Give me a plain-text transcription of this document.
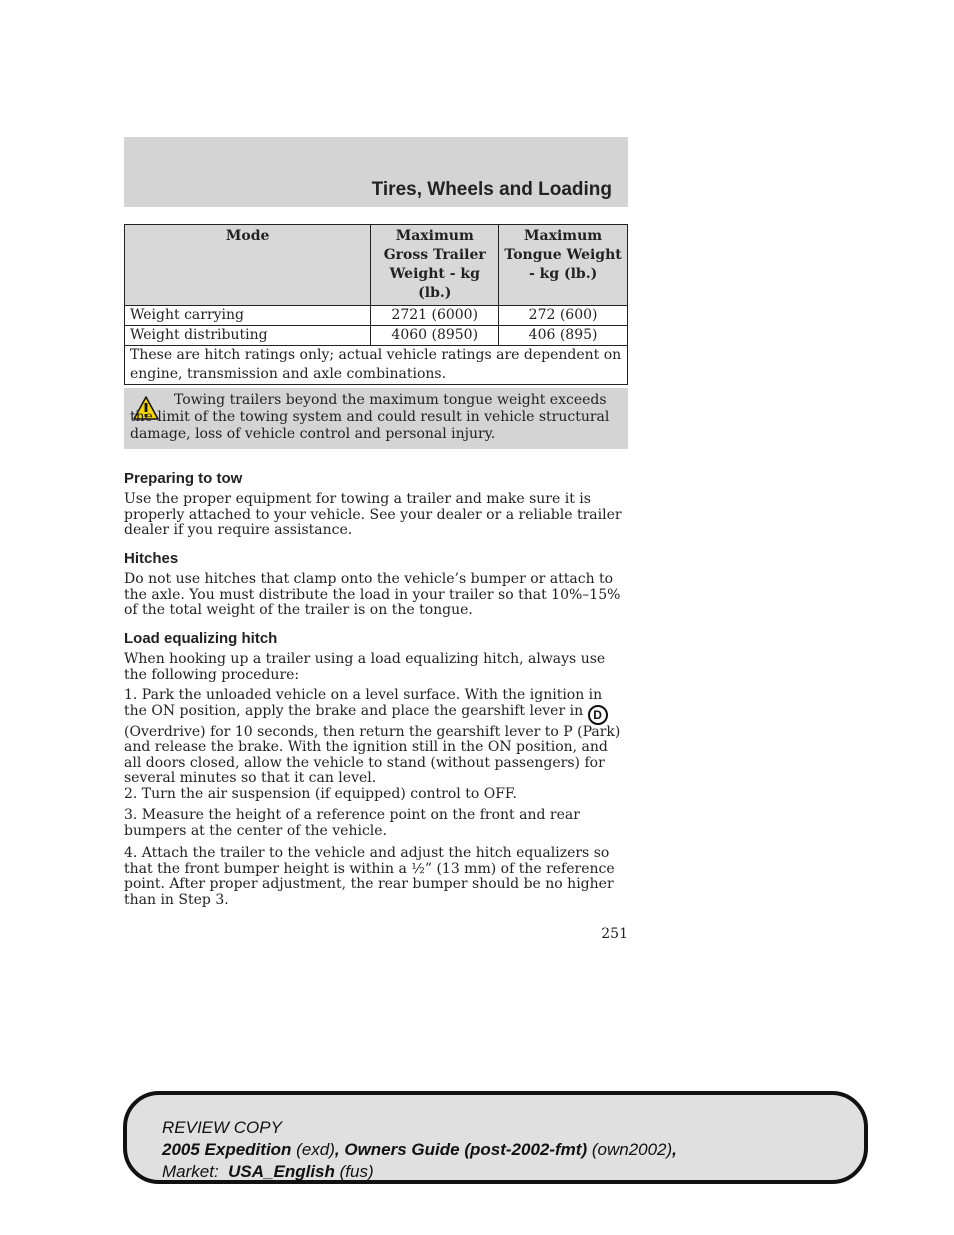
Tires, Wheels and Loading
Mode	Maximum Gross Trailer Weight - kg (lb.)	Maximum Tongue Weight - kg (lb.)
Weight carrying	2721 (6000)	272 (600)
Weight distributing	4060 (8950)	406 (895)
These are hitch ratings only; actual vehicle ratings are dependent on engine, transmission and axle combinations.		
Towing trailers beyond the maximum tongue weight exceeds the limit of the towing system and could result in vehicle structural damage, loss of vehicle control and personal injury.
Preparing to tow

Use the proper equipment for towing a trailer and make sure it is properly attached to your vehicle. See your dealer or a reliable trailer dealer if you require assistance.

Hitches

Do not use hitches that clamp onto the vehicle’s bumper or attach to the axle. You must distribute the load in your trailer so that 10%–15% of the total weight of the trailer is on the tongue.

Load equalizing hitch

When hooking up a trailer using a load equalizing hitch, always use the following procedure:

1. Park the unloaded vehicle on a level surface. With the ignition in the ON position, apply the brake and place the gearshift lever in D (Overdrive) for 10 seconds, then return the gearshift lever to P (Park) and release the brake. With the ignition still in the ON position, and all doors closed, allow the vehicle to stand (without passengers) for several minutes so that it can level.

2. Turn the air suspension (if equipped) control to OFF.

3. Measure the height of a reference point on the front and rear bumpers at the center of the vehicle.

4. Attach the trailer to the vehicle and adjust the hitch equalizers so that the front bumper height is within a ½” (13 mm) of the reference point. After proper adjustment, the rear bumper should be no higher than in Step 3.

251
REVIEW COPY
2005 Expedition (exd), Owners Guide (post-2002-fmt) (own2002),
Market: USA_English (fus)
